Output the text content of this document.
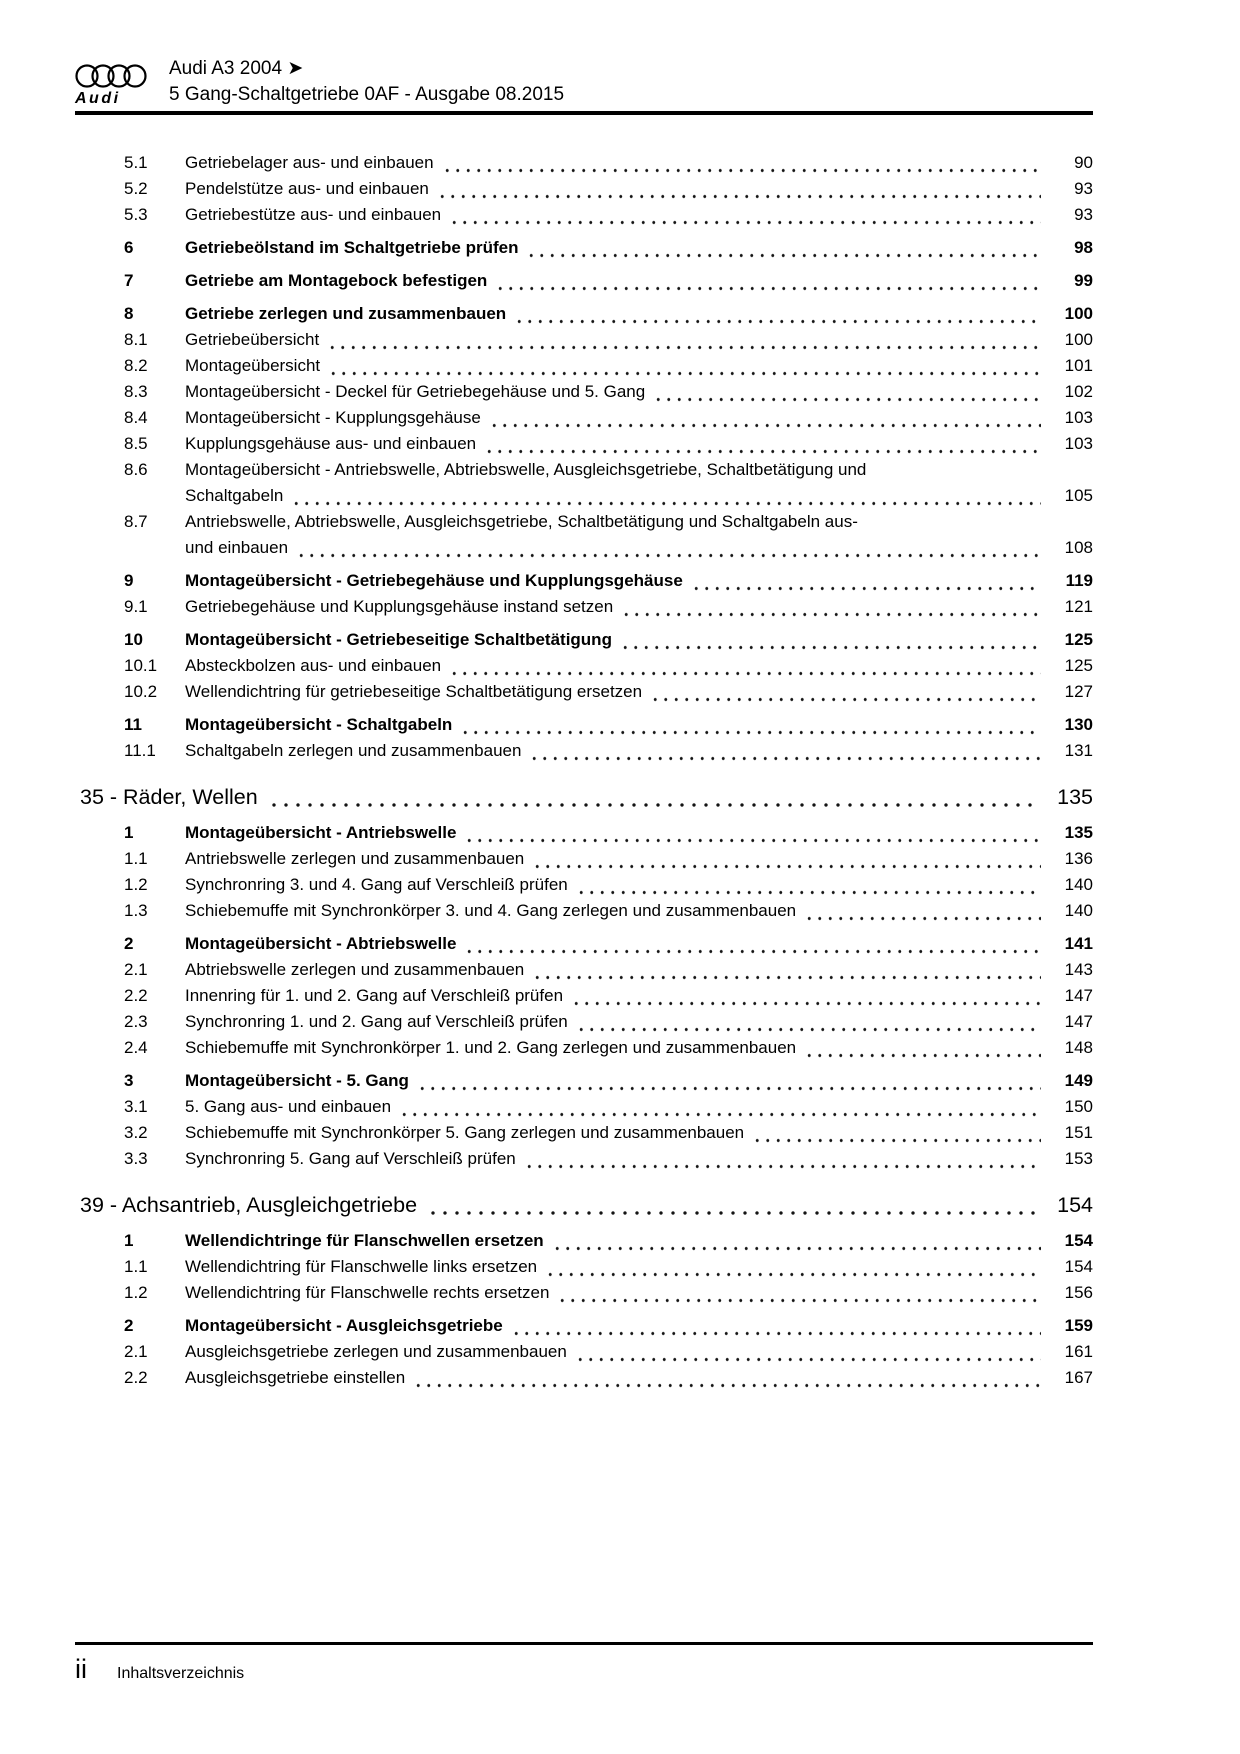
Audi
Audi A3 2004 ➤
5 Gang-Schaltgetriebe 0AF - Ausgabe 08.2015
5.1	Getriebelager aus- und einbauen	90
5.2	Pendelstütze aus- und einbauen	93
5.3	Getriebestütze aus- und einbauen	93
6	Getriebeölstand im Schaltgetriebe prüfen	98
7	Getriebe am Montagebock befestigen	99
8	Getriebe zerlegen und zusammenbauen	100
8.1	Getriebeübersicht	100
8.2	Montageübersicht	101
8.3	Montageübersicht - Deckel für Getriebegehäuse und 5. Gang	102
8.4	Montageübersicht - Kupplungsgehäuse	103
8.5	Kupplungsgehäuse aus- und einbauen	103
8.6	Montageübersicht - Antriebswelle, Abtriebswelle, Ausgleichsgetriebe, Schaltbetätigung und
Schaltgabeln	105
8.7	Antriebswelle, Abtriebswelle, Ausgleichsgetriebe, Schaltbetätigung und Schaltgabeln aus-
und einbauen	108
9	Montageübersicht - Getriebegehäuse und Kupplungsgehäuse	119
9.1	Getriebegehäuse und Kupplungsgehäuse instand setzen	121
10	Montageübersicht - Getriebeseitige Schaltbetätigung	125
10.1	Absteckbolzen aus- und einbauen	125
10.2	Wellendichtring für getriebeseitige Schaltbetätigung ersetzen	127
11	Montageübersicht - Schaltgabeln	130
11.1	Schaltgabeln zerlegen und zusammenbauen	131
35 - Räder, Wellen	135
1	Montageübersicht - Antriebswelle	135
1.1	Antriebswelle zerlegen und zusammenbauen	136
1.2	Synchronring 3. und 4. Gang auf Verschleiß prüfen	140
1.3	Schiebemuffe mit Synchronkörper 3. und 4. Gang zerlegen und zusammenbauen	140
2	Montageübersicht - Abtriebswelle	141
2.1	Abtriebswelle zerlegen und zusammenbauen	143
2.2	Innenring für 1. und 2. Gang auf Verschleiß prüfen	147
2.3	Synchronring 1. und 2. Gang auf Verschleiß prüfen	147
2.4	Schiebemuffe mit Synchronkörper 1. und 2. Gang zerlegen und zusammenbauen	148
3	Montageübersicht - 5. Gang	149
3.1	5. Gang aus- und einbauen	150
3.2	Schiebemuffe mit Synchronkörper 5. Gang zerlegen und zusammenbauen	151
3.3	Synchronring 5. Gang auf Verschleiß prüfen	153
39 - Achsantrieb, Ausgleichgetriebe	154
1	Wellendichtringe für Flanschwellen ersetzen	154
1.1	Wellendichtring für Flanschwelle links ersetzen	154
1.2	Wellendichtring für Flanschwelle rechts ersetzen	156
2	Montageübersicht - Ausgleichsgetriebe	159
2.1	Ausgleichsgetriebe zerlegen und zusammenbauen	161
2.2	Ausgleichsgetriebe einstellen	167
ii Inhaltsverzeichnis
